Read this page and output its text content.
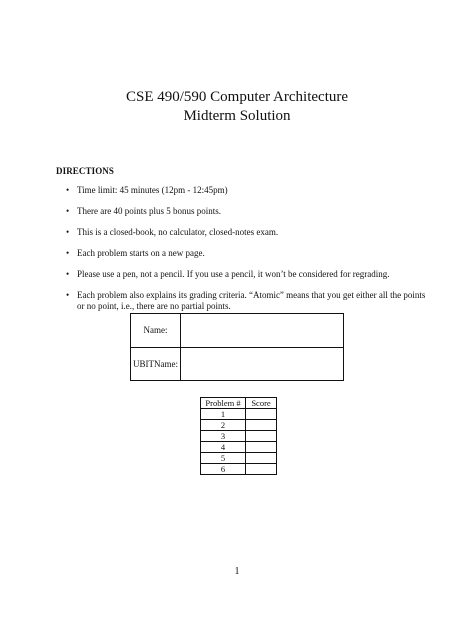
CSE 490/590 Computer Architecture
Midterm Solution
DIRECTIONS
• Time limit: 45 minutes (12pm - 12:45pm)
• There are 40 points plus 5 bonus points.
• This is a closed-book, no calculator, closed-notes exam.
• Each problem starts on a new page.
• Please use a pen, not a pencil. If you use a pencil, it won’t be considered for regrading.
• Each problem also explains its grading criteria. “Atomic” means that you get either all the points or no point, i.e., there are no partial points.
Name:	
UBITName:	
Problem #	Score
1	
2	
3	
4	
5	
6	
1
